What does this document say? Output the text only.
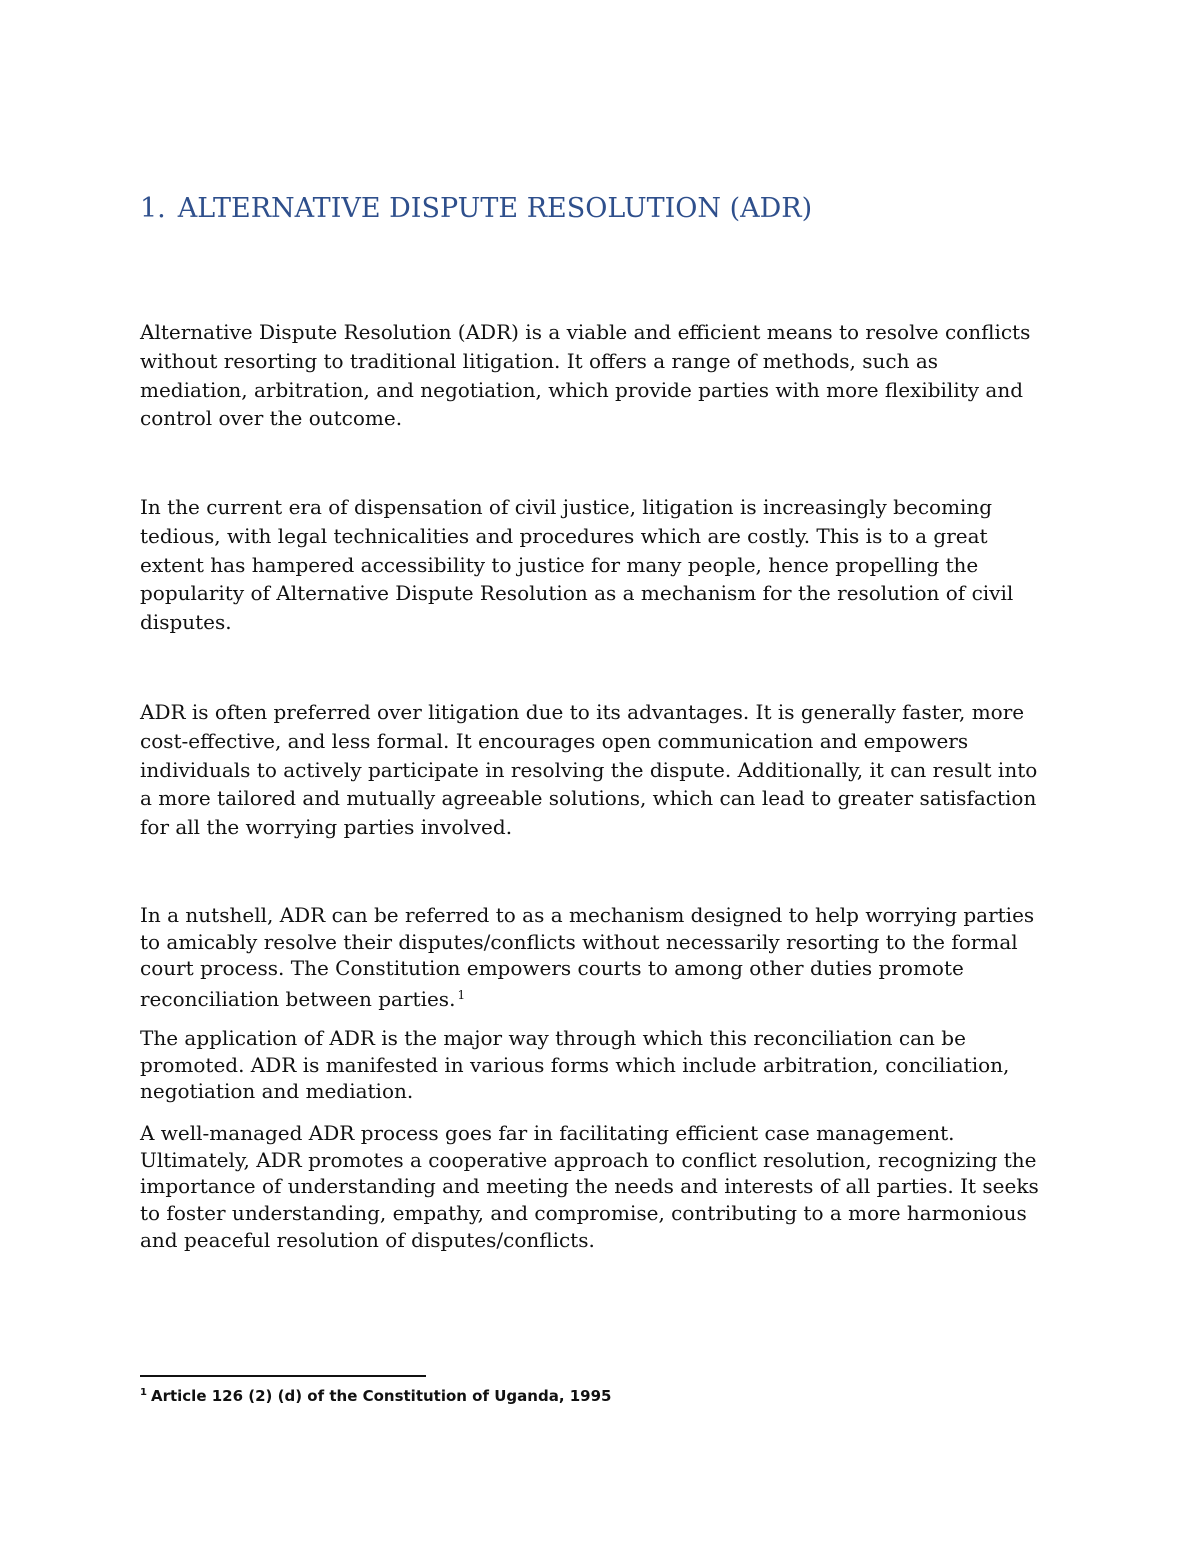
1. ALTERNATIVE DISPUTE RESOLUTION (ADR)

Alternative Dispute Resolution (ADR) is a viable and efficient means to resolve conflicts
without resorting to traditional litigation. It offers a range of methods, such as
mediation, arbitration, and negotiation, which provide parties with more flexibility and
control over the outcome.

In the current era of dispensation of civil justice, litigation is increasingly becoming
tedious, with legal technicalities and procedures which are costly. This is to a great
extent has hampered accessibility to justice for many people, hence propelling the
popularity of Alternative Dispute Resolution as a mechanism for the resolution of civil
disputes.

ADR is often preferred over litigation due to its advantages. It is generally faster, more
cost-effective, and less formal. It encourages open communication and empowers
individuals to actively participate in resolving the dispute. Additionally, it can result into
a more tailored and mutually agreeable solutions, which can lead to greater satisfaction
for all the worrying parties involved.

In a nutshell, ADR can be referred to as a mechanism designed to help worrying parties
to amicably resolve their disputes/conflicts without necessarily resorting to the formal
court process. The Constitution empowers courts to among other duties promote
reconciliation between parties. $^1$

The application of ADR is the major way through which this reconciliation can be
promoted. ADR is manifested in various forms which include arbitration, conciliation,
negotiation and mediation.

A well-managed ADR process goes far in facilitating efficient case management.
Ultimately, ADR promotes a cooperative approach to conflict resolution, recognizing the
importance of understanding and meeting the needs and interests of all parties. It seeks
to foster understanding, empathy, and compromise, contributing to a more harmonious
and peaceful resolution of disputes/conflicts.

$^1$ Article 126 (2) (d) of the Constitution of Uganda, 1995
